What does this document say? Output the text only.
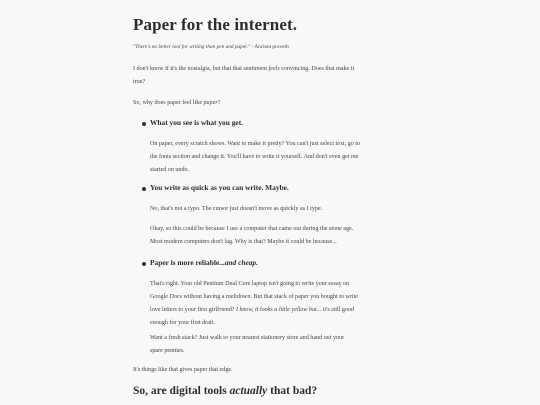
Paper for the internet.
"There's no better tool for writing than pen and paper." - Ancient proverb

I don't know if it's the nostalgia, but that that sentiment feels convincing. Does that make it
true?

So, why does paper feel like paper?

What you see is what you get.

On paper, every scratch shows. Want to make it pretty? You can't just select text, go to
the fonts section and change it. You'll have to write it yourself. And don't even get me
started on undo.

You write as quick as you can write. Maybe.

No, that's not a typo. The cursor just doesn't move as quickly as I type.

Okay, so this could be because I use a computer that came out during the stone age.
Most modern computers don't lag. Why is that? Maybe it could be because...

Paper is more reliable...and cheap.

That's right. Your old Pentium Dual Core laptop isn't going to write your essay on
Google Docs without having a meltdown. But that stack of paper you bought to write
love letters to your first girlfriend? I know, it looks a little yellow but... it's still good
enough for your first draft.

Want a fresh stack? Just walk to your nearest stationery store and hand out your
spare pennies.

It's things like that gives paper that edge.

So, are digital tools actually that bad?
